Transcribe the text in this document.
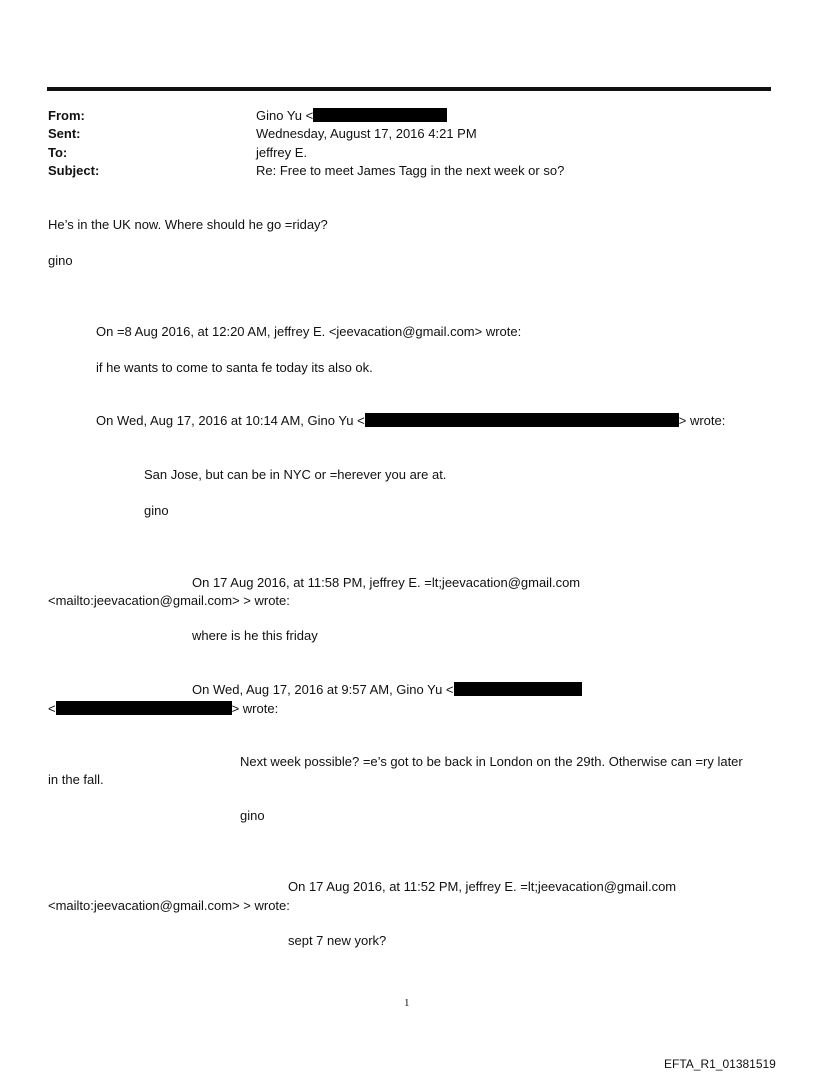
From:	Gino Yu <
Sent:	Wednesday, August 17, 2016 4:21 PM
To:	jeffrey E.
Subject:	Re: Free to meet James Tagg in the next week or so?
He’s in the UK now. Where should he go =riday?
gino
On =8 Aug 2016, at 12:20 AM, jeffrey E. <jeevacation@gmail.com> wrote:
if he wants to come to santa fe today its also ok.
On Wed, Aug 17, 2016 at 10:14 AM, Gino Yu <	> wrote:
San Jose, but can be in NYC or =herever you are at.
gino
On 17 Aug 2016, at 11:58 PM, jeffrey E. =lt;jeevacation@gmail.com
<mailto:jeevacation@gmail.com> > wrote:
where is he this friday
On Wed, Aug 17, 2016 at 9:57 AM, Gino Yu <
<	> wrote:
Next week possible? =e’s got to be back in London on the 29th. Otherwise can =ry later
in the fall.
gino
On 17 Aug 2016, at 11:52 PM, jeffrey E. =lt;jeevacation@gmail.com
<mailto:jeevacation@gmail.com> > wrote:
sept 7 new york?
1
EFTA_R1_01381519
